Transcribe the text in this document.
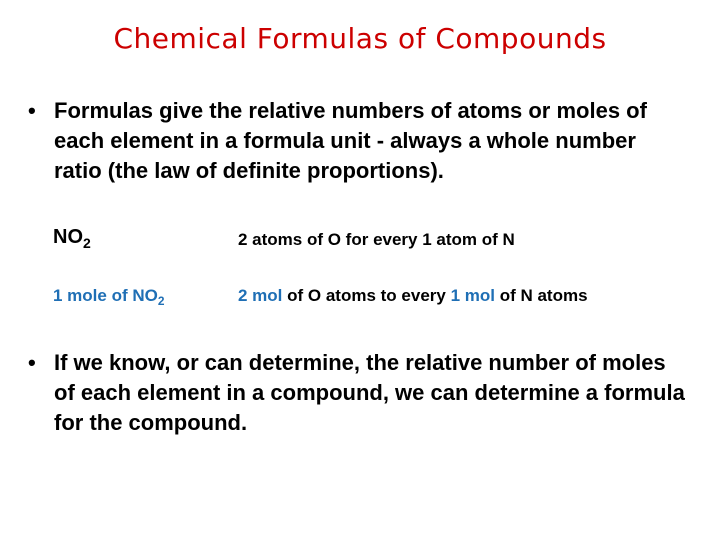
Chemical Formulas of Compounds
• Formulas give the relative numbers of atoms or moles of each element in a formula unit - always a whole number ratio (the law of definite proportions).
$NO_2$	2 atoms of O for every 1 atom of N
1 mole of $NO_2$	2 mol of O atoms to every 1 mol of N atoms
• If we know, or can determine, the relative number of moles of each element in a compound, we can determine a formula for the compound.
